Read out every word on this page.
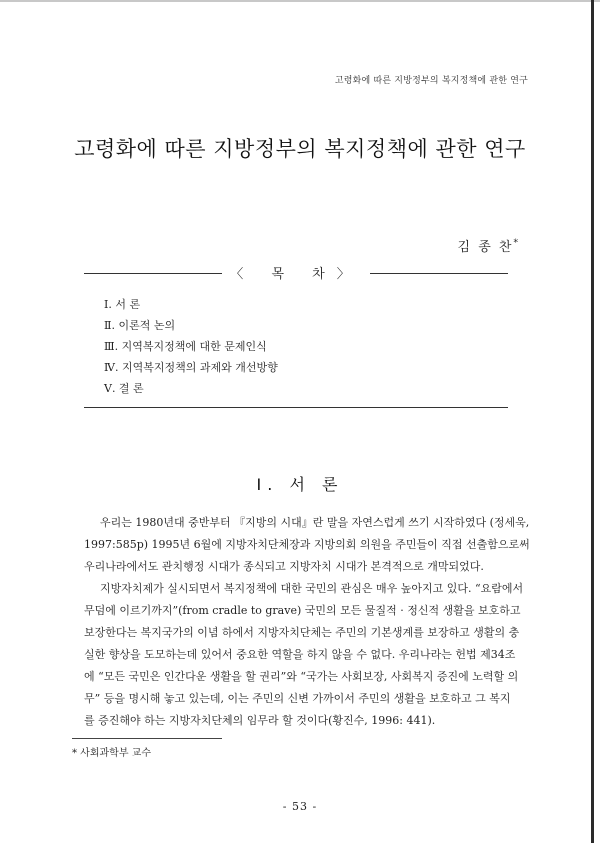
고령화에 따른 지방정부의 복지정책에 관한 연구
고령화에 따른 지방정부의 복지정책에 관한 연구
김 종 찬*
〈 목 차〉
Ⅰ. 서 론
Ⅱ. 이론적 논의
Ⅲ. 지역복지정책에 대한 문제인식
Ⅳ. 지역복지정책의 과제와 개선방향
Ⅴ. 결 론
Ⅰ. 서 론

우리는 1980년대 중반부터 『지방의 시대』란 말을 자연스럽게 쓰기 시작하였다 (정세욱,
1997:585p) 1995년 6월에 지방자치단체장과 지방의회 의원을 주민들이 직접 선출함으로써
우리나라에서도 관치행정 시대가 종식되고 지방자치 시대가 본격적으로 개막되었다.

지방자치제가 실시되면서 복지정책에 대한 국민의 관심은 매우 높아지고 있다. “요람에서
무덤에 이르기까지”(from cradle to grave) 국민의 모든 물질적 · 정신적 생활을 보호하고
보장한다는 복지국가의 이념 하에서 지방자치단체는 주민의 기본생계를 보장하고 생활의 충
실한 향상을 도모하는데 있어서 중요한 역할을 하지 않을 수 없다. 우리나라는 헌법 제34조
에 “모든 국민은 인간다운 생활을 할 권리”와 “국가는 사회보장, 사회복지 증진에 노력할 의
무” 등을 명시해 놓고 있는데, 이는 주민의 신변 가까이서 주민의 생활을 보호하고 그 복지
를 증진해야 하는 지방자치단체의 임무라 할 것이다(황진수, 1996: 441).

* 사회과학부 교수
- 53 -
